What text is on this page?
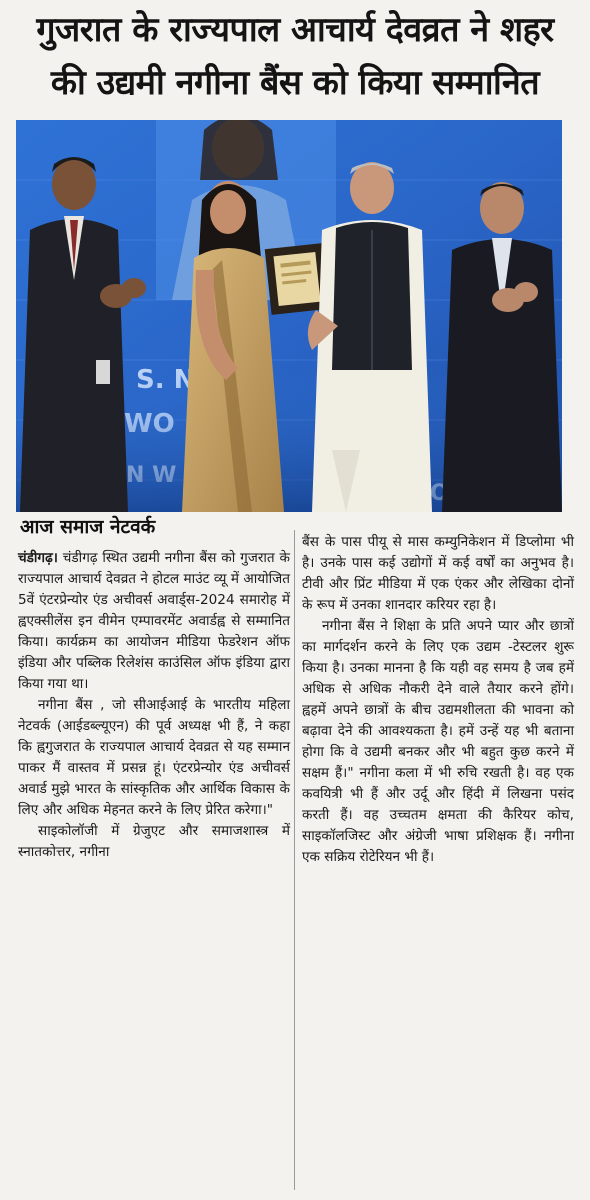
गुजरात के राज्यपाल आचार्य देवव्रत ने शहर
की उद्यमी नगीना बैंस को किया सम्मानित
आज समाज नेटवर्क

चंडीगढ़। चंडीगढ़ स्थित उद्यमी नगीना बैंस को गुजरात के राज्यपाल आचार्य देवव्रत ने होटल माउंट व्यू में आयोजित 5वें एंटरप्रेन्योर एंड अचीवर्स अवार्ड्स-2024 समारोह में ह्वएक्सीलेंस इन वीमेन एम्पावरमेंट अवार्डह्व से सम्मानित किया। कार्यक्रम का आयोजन मीडिया फेडरेशन ऑफ इंडिया और पब्लिक रिलेशंस काउंसिल ऑफ इंडिया द्वारा किया गया था।

नगीना बैंस , जो सीआईआई के भारतीय महिला नेटवर्क (आईडब्ल्यूएन) की पूर्व अध्यक्ष भी हैं, ने कहा कि ह्वगुजरात के राज्यपाल आचार्य देवव्रत से यह सम्मान पाकर मैं वास्तव में प्रसन्न हूं। एंटरप्रेन्योर एंड अचीवर्स अवार्ड मुझे भारत के सांस्कृतिक और आर्थिक विकास के लिए और अधिक मेहनत करने के लिए प्रेरित करेगा।"

साइकोलॉजी में ग्रेजुएट और समाजशास्त्र में स्नातकोत्तर, नगीना

बैंस के पास पीयू से मास कम्युनिकेशन में डिप्लोमा भी है। उनके पास कई उद्योगों में कई वर्षों का अनुभव है। टीवी और प्रिंट मीडिया में एक एंकर और लेखिका दोनों के रूप में उनका शानदार करियर रहा है।

नगीना बैंस ने शिक्षा के प्रति अपने प्यार और छात्रों का मार्गदर्शन करने के लिए एक उद्यम -टेस्टलर शुरू किया है। उनका मानना है कि यही वह समय है जब हमें अधिक से अधिक नौकरी देने वाले तैयार करने होंगे। ह्वहमें अपने छात्रों के बीच उद्यमशीलता की भावना को बढ़ावा देने की आवश्यकता है। हमें उन्हें यह भी बताना होगा कि वे उद्यमी बनकर और भी बहुत कुछ करने में सक्षम हैं।" नगीना कला में भी रुचि रखती है। वह एक कवयित्री भी हैं और उर्दू और हिंदी में लिखना पसंद करती हैं। वह उच्चतम क्षमता की कैरियर कोच, साइकॉलजिस्ट और अंग्रेजी भाषा प्रशिक्षक हैं। नगीना एक सक्रिय रोटेरियन भी हैं।
